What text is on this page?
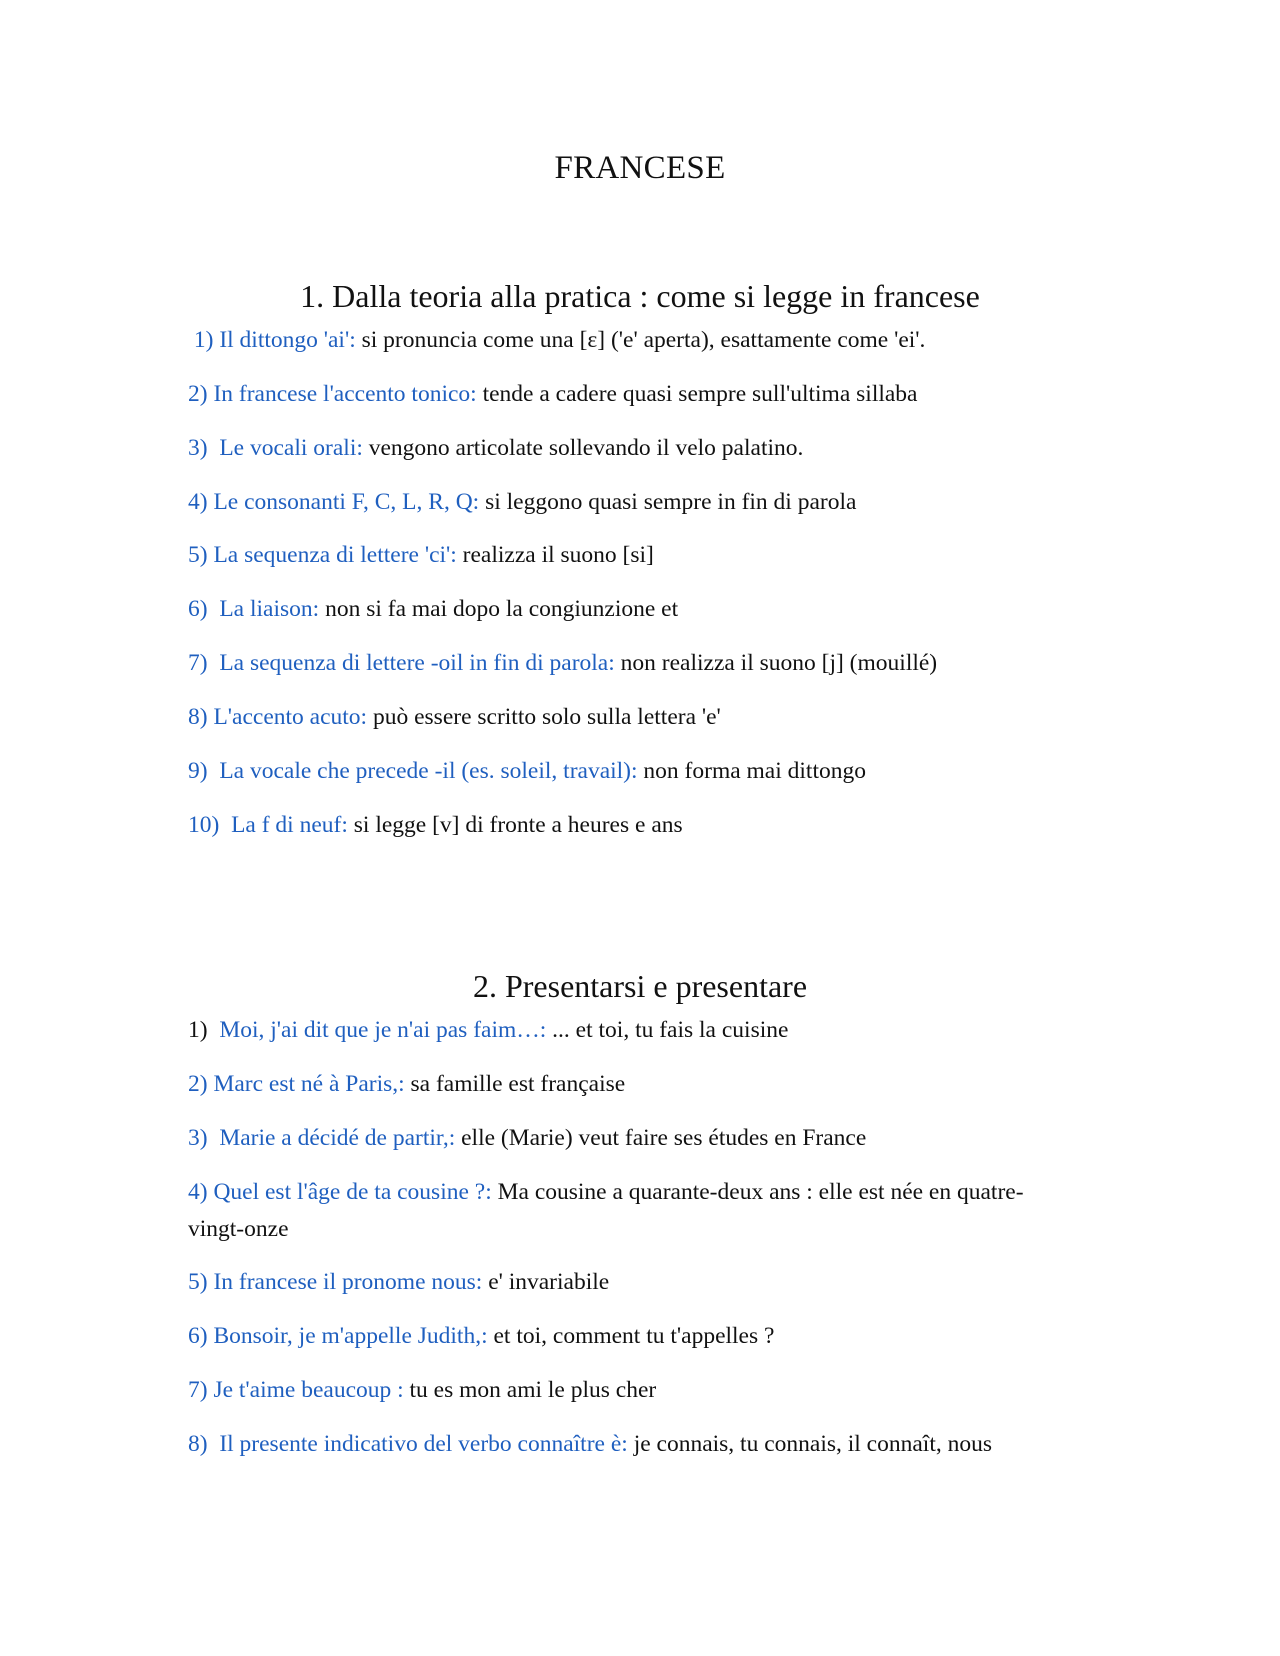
FRANCESE
1. Dalla teoria alla pratica : come si legge in francese
1) Il dittongo 'ai': si pronuncia come una [ɛ] ('e' aperta), esattamente come 'ei'.
2) In francese l'accento tonico: tende a cadere quasi sempre sull'ultima sillaba
3)  Le vocali orali: vengono articolate sollevando il velo palatino.
4) Le consonanti F, C, L, R, Q: si leggono quasi sempre in fin di parola
5) La sequenza di lettere 'ci': realizza il suono [si]
6)  La liaison: non si fa mai dopo la congiunzione et
7)  La sequenza di lettere -oil in fin di parola: non realizza il suono [j] (mouillé)
8) L'accento acuto: può essere scritto solo sulla lettera 'e'
9)  La vocale che precede -il (es. soleil, travail): non forma mai dittongo
10)  La f di neuf: si legge [v] di fronte a heures e ans
2. Presentarsi e presentare
1)  Moi, j'ai dit que je n'ai pas faim…: ... et toi, tu fais la cuisine
2) Marc est né à Paris,: sa famille est française
3)  Marie a décidé de partir,: elle (Marie) veut faire ses études en France
4) Quel est l'âge de ta cousine ?: Ma cousine a quarante-deux ans : elle est née en quatre-vingt-onze
5) In francese il pronome nous: e' invariabile
6) Bonsoir, je m'appelle Judith,: et toi, comment tu t'appelles ?
7) Je t'aime beaucoup : tu es mon ami le plus cher
8)  Il presente indicativo del verbo connaître è: je connais, tu connais, il connaît, nous
